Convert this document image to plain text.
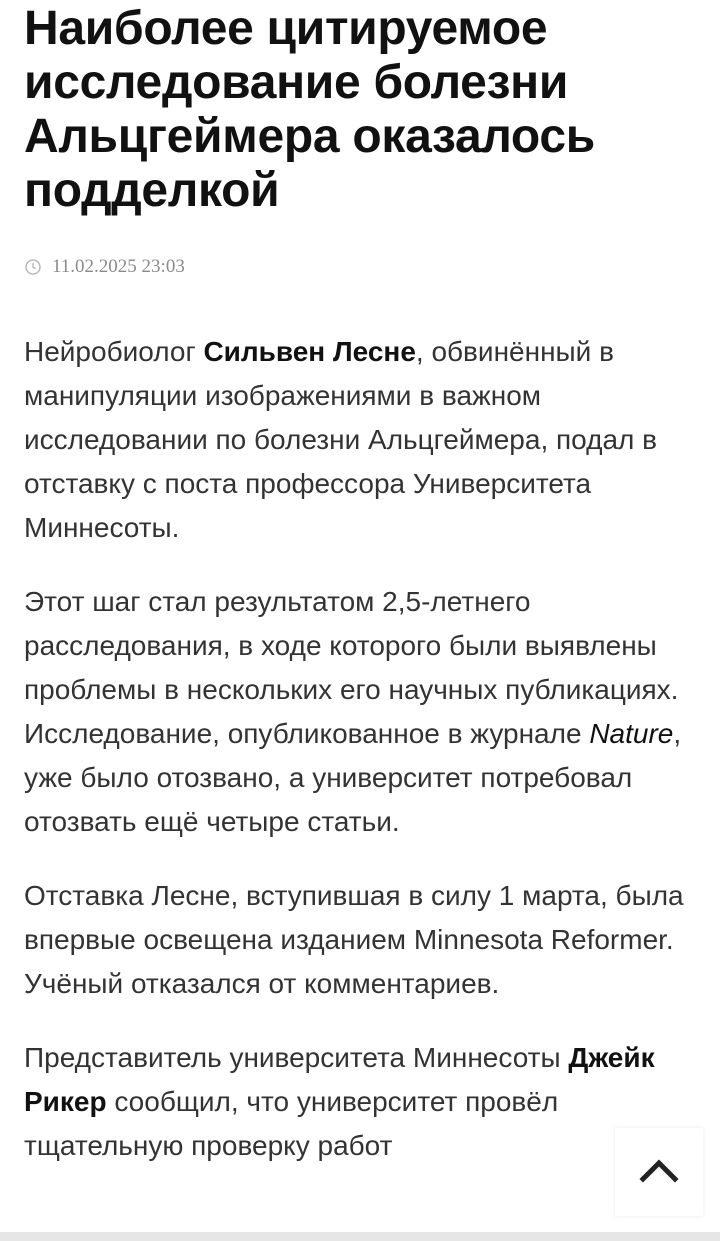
Наиболее цитируемое исследование болезни Альцгеймера оказалось подделкой
11.02.2025 23:03

Нейробиолог Сильвен Лесне, обвинённый в манипуляции изображениями в важном исследовании по болезни Альцгеймера, подал в отставку с поста профессора Университета Миннесоты.

Этот шаг стал результатом 2,5-летнего расследования, в ходе которого были выявлены проблемы в нескольких его научных публикациях. Исследование, опубликованное в журнале Nature, уже было отозвано, а университет потребовал отозвать ещё четыре статьи.

Отставка Лесне, вступившая в силу 1 марта, была впервые освещена изданием Minnesota Reformer. Учёный отказался от комментариев.

Представитель университета Миннесоты Джейк Рикер сообщил, что университет провёл тщательную проверку работ
